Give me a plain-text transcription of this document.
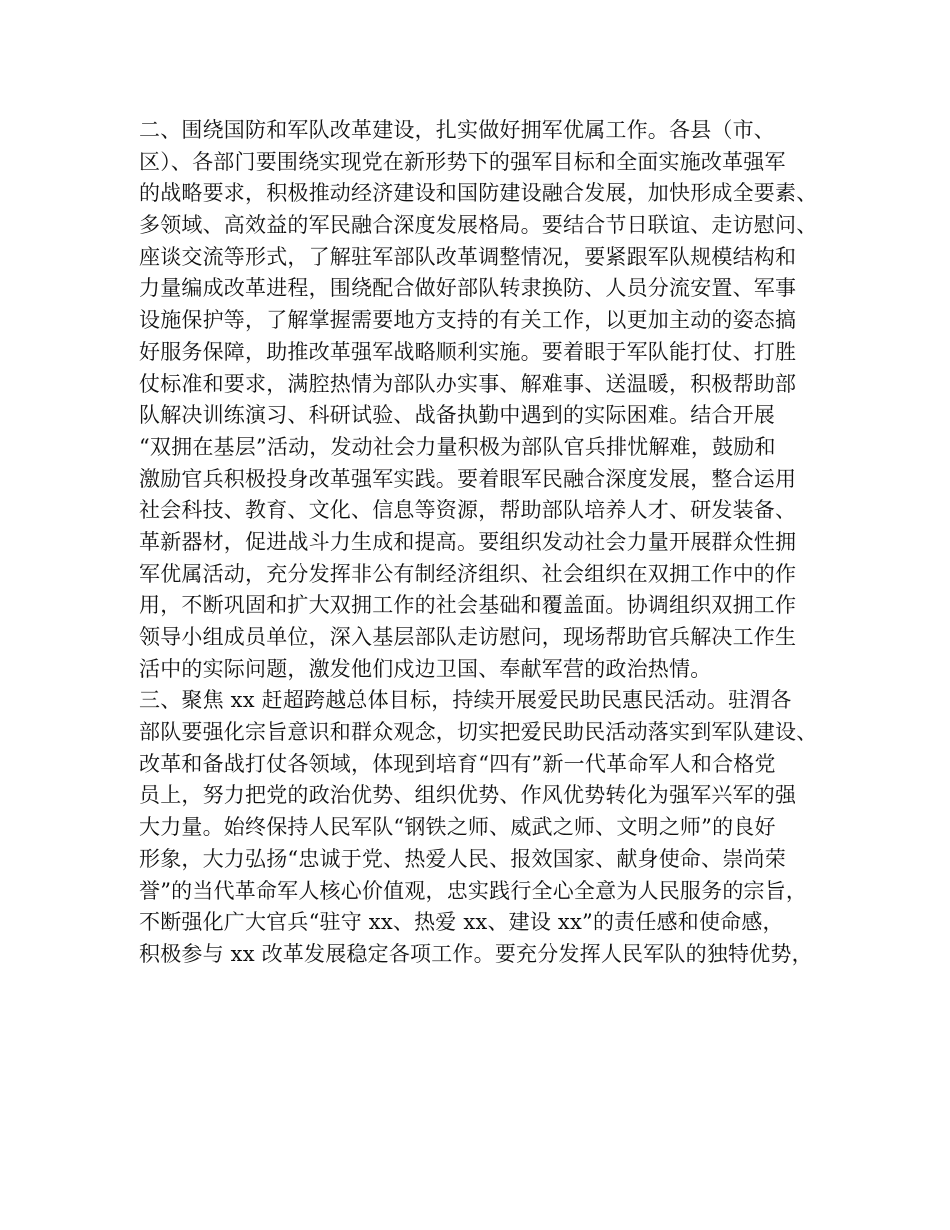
二、围绕国防和军队改革建设，扎实做好拥军优属工作。各县（市、
区）、各部门要围绕实现党在新形势下的强军目标和全面实施改革强军
的战略要求，积极推动经济建设和国防建设融合发展，加快形成全要素、
多领域、高效益的军民融合深度发展格局。要结合节日联谊、走访慰问、
座谈交流等形式，了解驻军部队改革调整情况，要紧跟军队规模结构和
力量编成改革进程，围绕配合做好部队转隶换防、人员分流安置、军事
设施保护等，了解掌握需要地方支持的有关工作，以更加主动的姿态搞
好服务保障，助推改革强军战略顺利实施。要着眼于军队能打仗、打胜
仗标准和要求，满腔热情为部队办实事、解难事、送温暖，积极帮助部
队解决训练演习、科研试验、战备执勤中遇到的实际困难。结合开展
“双拥在基层”活动，发动社会力量积极为部队官兵排忧解难，鼓励和
激励官兵积极投身改革强军实践。要着眼军民融合深度发展，整合运用
社会科技、教育、文化、信息等资源，帮助部队培养人才、研发装备、
革新器材，促进战斗力生成和提高。要组织发动社会力量开展群众性拥
军优属活动，充分发挥非公有制经济组织、社会组织在双拥工作中的作
用，不断巩固和扩大双拥工作的社会基础和覆盖面。协调组织双拥工作
领导小组成员单位，深入基层部队走访慰问，现场帮助官兵解决工作生
活中的实际问题，激发他们戍边卫国、奉献军营的政治热情。
三、聚焦 xx 赶超跨越总体目标，持续开展爱民助民惠民活动。驻渭各
部队要强化宗旨意识和群众观念，切实把爱民助民活动落实到军队建设、
改革和备战打仗各领域，体现到培育“四有”新一代革命军人和合格党
员上，努力把党的政治优势、组织优势、作风优势转化为强军兴军的强
大力量。始终保持人民军队“钢铁之师、威武之师、文明之师”的良好
形象，大力弘扬“忠诚于党、热爱人民、报效国家、献身使命、崇尚荣
誉”的当代革命军人核心价值观，忠实践行全心全意为人民服务的宗旨，
不断强化广大官兵“驻守 xx、热爱 xx、建设 xx”的责任感和使命感，
积极参与 xx 改革发展稳定各项工作。要充分发挥人民军队的独特优势，
